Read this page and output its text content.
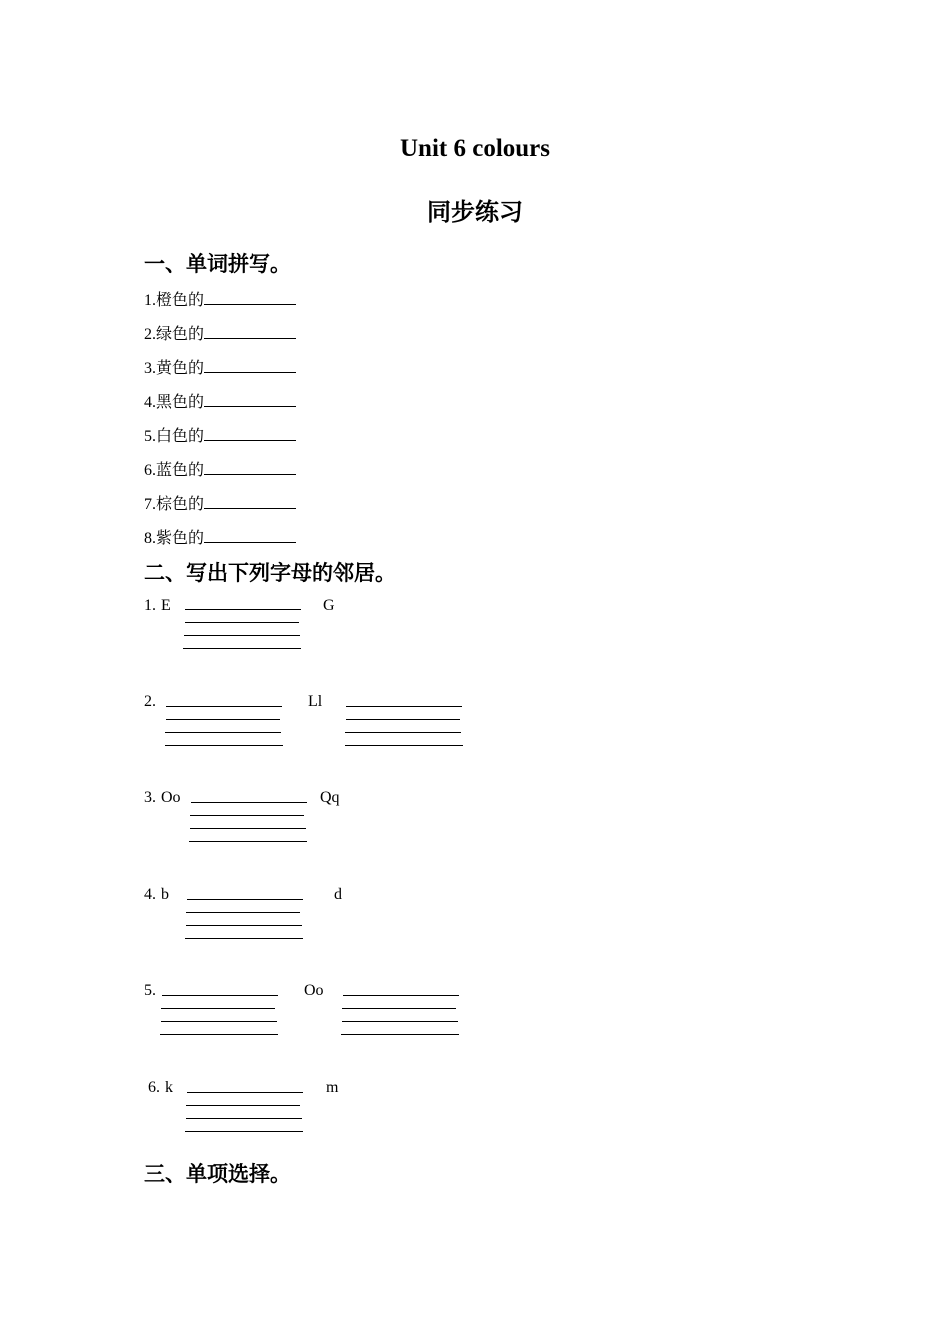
Unit 6 colours
同步练习
一、单词拼写。
1.橙色的
2.绿色的
3.黄色的
4.黑色的
5.白色的
6.蓝色的
7.棕色的
8.紫色的
二、写出下列字母的邻居。
1. E	G
2.	Ll
3. Oo	Qq
4. b	d
5.	Oo
6. k	m
三、单项选择。
